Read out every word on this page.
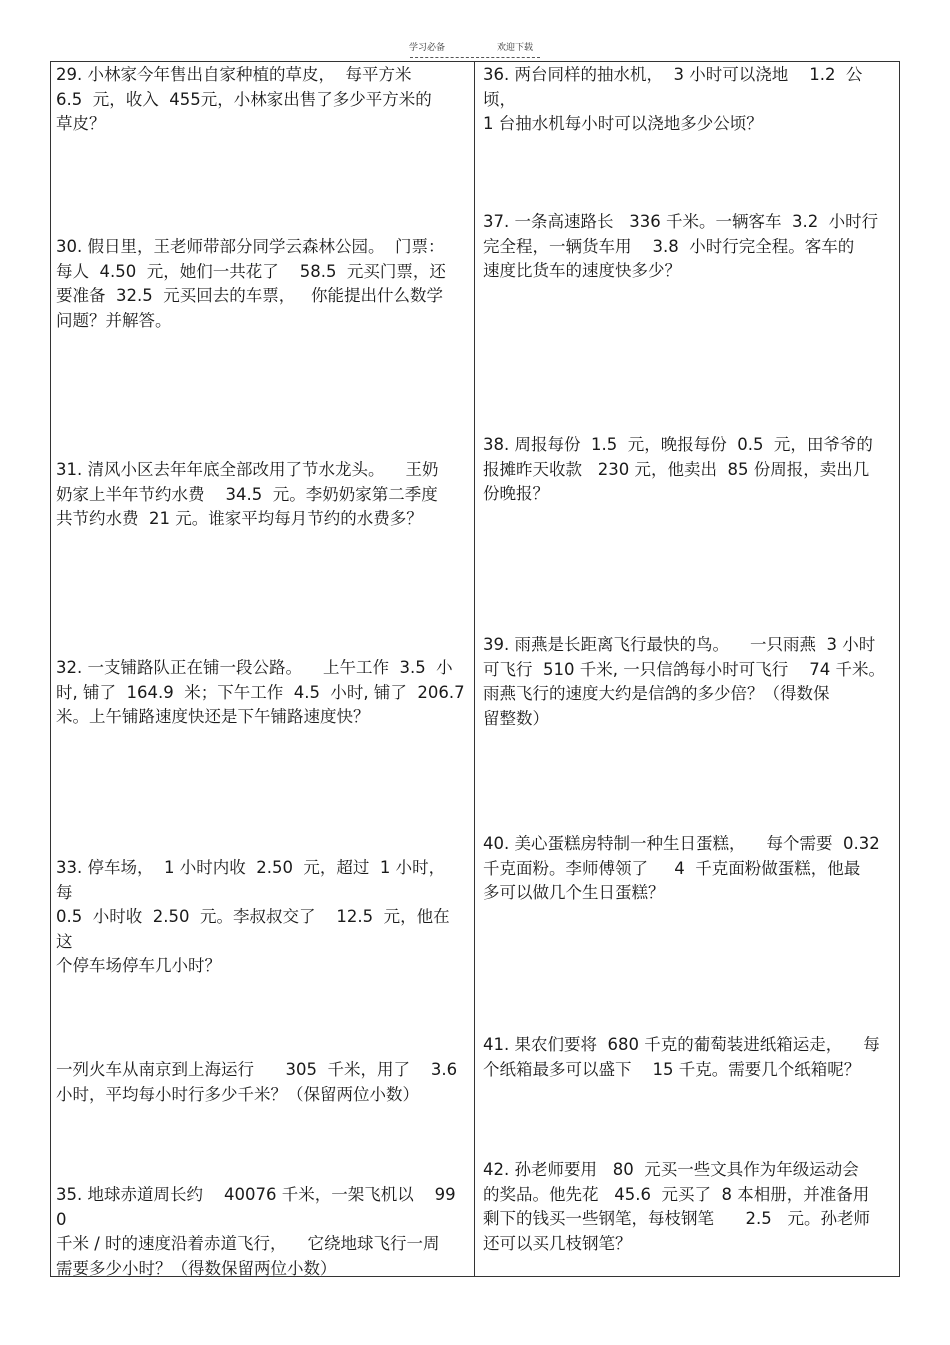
学习必备	欢迎下载
29. 小林家今年售出自家种植的草皮，  每平方米
6.5  元，收入  455元，小林家出售了多少平方米的
草皮？
30. 假日里，王老师带部分同学云森林公园。  门票：
每人  4.50  元，她们一共花了    58.5  元买门票，还
要准备  32.5  元买回去的车票，   你能提出什么数学
问题？并解答。
31. 清风小区去年年底全部改用了节水龙头。    王奶
奶家上半年节约水费    34.5  元。李奶奶家第二季度
共节约水费  21 元。谁家平均每月节约的水费多？
32. 一支铺路队正在铺一段公路。    上午工作  3.5  小
时, 铺了  164.9  米；下午工作  4.5  小时, 铺了  206.7
米。上午铺路速度快还是下午铺路速度快？
33. 停车场，  1 小时内收  2.50  元，超过  1 小时，  每
0.5  小时收  2.50  元。李叔叔交了    12.5  元，他在这
个停车场停车几小时？
一列火车从南京到上海运行      305  千米，用了    3.6
小时，平均每小时行多少千米？（保留两位小数）
35. 地球赤道周长约    40076 千米，一架飞机以    990
千米 / 时的速度沿着赤道飞行，    它绕地球飞行一周
需要多少小时？（得数保留两位小数）
36. 两台同样的抽水机，  3 小时可以浇地    1.2  公顷，
1 台抽水机每小时可以浇地多少公顷？
37. 一条高速路长   336 千米。一辆客车  3.2  小时行
完全程，一辆货车用    3.8  小时行完全程。客车的
速度比货车的速度快多少？
38. 周报每份  1.5  元，晚报每份  0.5  元，田爷爷的
报摊昨天收款   230 元，他卖出  85 份周报，卖出几
份晚报？
39. 雨燕是长距离飞行最快的鸟。    一只雨燕  3 小时
可飞行  510 千米, 一只信鸽每小时可飞行    74 千米。
雨燕飞行的速度大约是信鸽的多少倍？（得数保
留整数）
40. 美心蛋糕房特制一种生日蛋糕，    每个需要  0.32
千克面粉。李师傅领了     4  千克面粉做蛋糕，他最
多可以做几个生日蛋糕？
41. 果农们要将  680 千克的葡萄装进纸箱运走，    每
个纸箱最多可以盛下    15 千克。需要几个纸箱呢？
42. 孙老师要用   80  元买一些文具作为年级运动会
的奖品。他先花   45.6  元买了  8 本相册，并准备用
剩下的钱买一些钢笔，每枝钢笔      2.5   元。孙老师
还可以买几枝钢笔？
